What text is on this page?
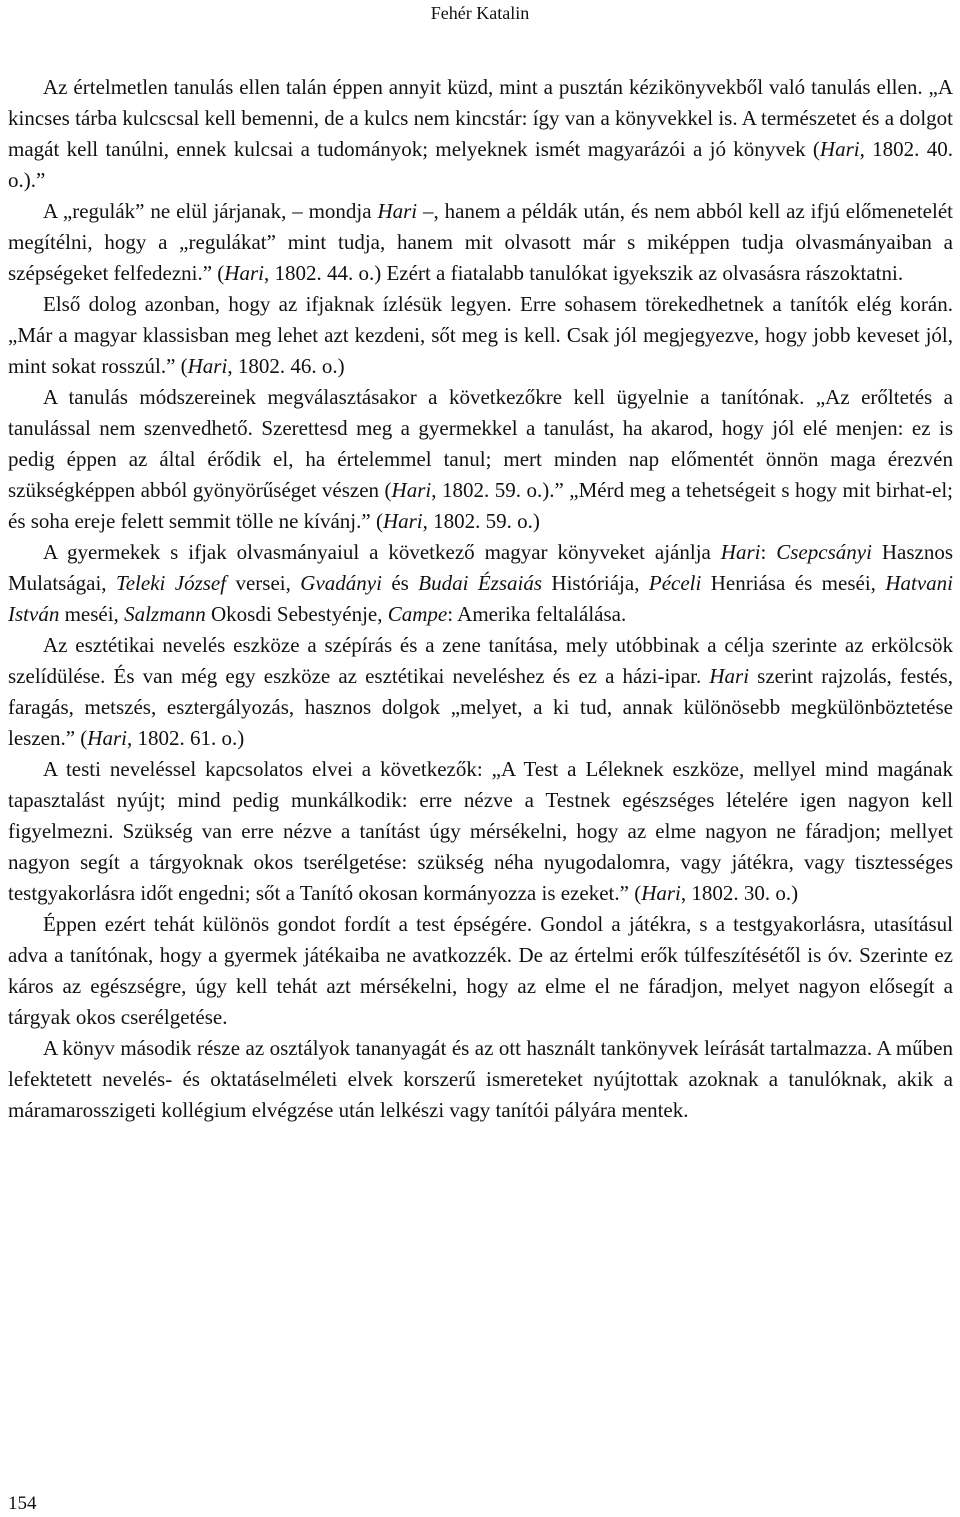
Fehér Katalin

Az értelmetlen tanulás ellen talán éppen annyit küzd, mint a pusztán kézikönyvekből való tanulás ellen. „A kincses tárba kulcscsal kell bemenni, de a kulcs nem kincstár: így van a könyvekkel is. A természetet és a dolgot magát kell tanúlni, ennek kulcsai a tudományok; melyeknek ismét magyarázói a jó könyvek (Hari, 1802. 40. o.).”

A „regulák” ne elül járjanak, – mondja Hari –, hanem a példák után, és nem abból kell az ifjú előmenetelét megítélni, hogy a „regulákat” mint tudja, hanem mit olvasott már s miképpen tudja olvasmányaiban a szépségeket felfedezni.” (Hari, 1802. 44. o.) Ezért a fiatalabb tanulókat igyekszik az olvasásra rászoktatni.

Első dolog azonban, hogy az ifjaknak ízlésük legyen. Erre sohasem törekedhetnek a tanítók elég korán. „Már a magyar klassisban meg lehet azt kezdeni, sőt meg is kell. Csak jól megjegyezve, hogy jobb keveset jól, mint sokat rosszúl.” (Hari, 1802. 46. o.)

A tanulás módszereinek megválasztásakor a következőkre kell ügyelnie a tanítónak. „Az erőltetés a tanulással nem szenvedhető. Szerettesd meg a gyermekkel a tanulást, ha akarod, hogy jól elé menjen: ez is pedig éppen az által érődik el, ha értelemmel tanul; mert minden nap előmentét önnön maga érezvén szükségképpen abból gyönyörűséget vészen (Hari, 1802. 59. o.).” „Mérd meg a tehetségeit s hogy mit birhat-el; és soha ereje felett semmit tölle ne kívánj.” (Hari, 1802. 59. o.)

A gyermekek s ifjak olvasmányaiul a következő magyar könyveket ajánlja Hari: Csepcsányi Hasznos Mulatságai, Teleki József versei, Gvadányi és Budai Ézsaiás Históriája, Péceli Henriása és meséi, Hatvani István meséi, Salzmann Okosdi Sebestyénje, Campe: Amerika feltalálása.

Az esztétikai nevelés eszköze a szépírás és a zene tanítása, mely utóbbinak a célja szerinte az erkölcsök szelídülése. És van még egy eszköze az esztétikai neveléshez és ez a házi-ipar. Hari szerint rajzolás, festés, faragás, metszés, esztergályozás, hasznos dolgok „melyet, a ki tud, annak különösebb megkülönböztetése leszen.” (Hari, 1802. 61. o.)

A testi neveléssel kapcsolatos elvei a következők: „A Test a Léleknek eszköze, mellyel mind magának tapasztalást nyújt; mind pedig munkálkodik: erre nézve a Testnek egészséges lételére igen nagyon kell figyelmezni. Szükség van erre nézve a tanítást úgy mérsékelni, hogy az elme nagyon ne fáradjon; mellyet nagyon segít a tárgyoknak okos tserélgetése: szükség néha nyugodalomra, vagy játékra, vagy tisztességes testgyakorlásra időt engedni; sőt a Tanító okosan kormányozza is ezeket.” (Hari, 1802. 30. o.)

Éppen ezért tehát különös gondot fordít a test épségére. Gondol a játékra, s a testgyakorlásra, utasításul adva a tanítónak, hogy a gyermek játékaiba ne avatkozzék. De az értelmi erők túlfeszítésétől is óv. Szerinte ez káros az egészségre, úgy kell tehát azt mérsékelni, hogy az elme el ne fáradjon, melyet nagyon elősegít a tárgyak okos cserélgetése.

A könyv második része az osztályok tananyagát és az ott használt tankönyvek leírását tartalmazza. A műben lefektetett nevelés- és oktatáselméleti elvek korszerű ismereteket nyújtottak azoknak a tanulóknak, akik a máramarosszigeti kollégium elvégzése után lelkészi vagy tanítói pályára mentek.

154
